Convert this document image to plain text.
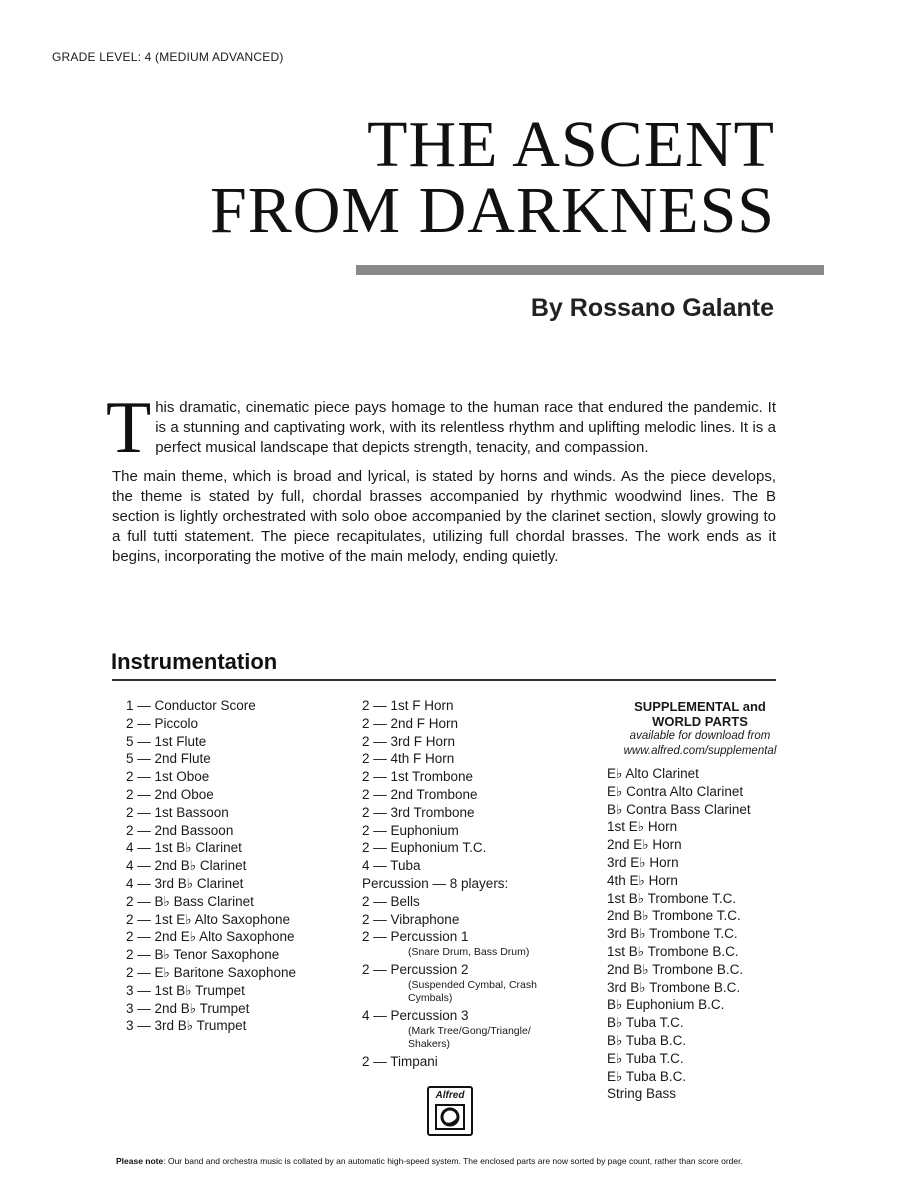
GRADE LEVEL: 4 (MEDIUM ADVANCED)
THE ASCENT
FROM DARKNESS
By Rossano Galante

This dramatic, cinematic piece pays homage to the human race that endured the pandemic. It is a stunning and captivating work, with its relentless rhythm and uplifting melodic lines. It is a perfect musical landscape that depicts strength, tenacity, and compassion.

The main theme, which is broad and lyrical, is stated by horns and winds. As the piece develops, the theme is stated by full, chordal brasses accompanied by rhythmic woodwind lines. The B section is lightly orchestrated with solo oboe accompanied by the clarinet section, slowly growing to a full tutti statement. The piece recapitulates, utilizing full chordal brasses. The work ends as it begins, incorporating the motive of the main melody, ending quietly.

Instrumentation
1 — Conductor Score
2 — Piccolo
5 — 1st Flute
5 — 2nd Flute
2 — 1st Oboe
2 — 2nd Oboe
2 — 1st Bassoon
2 — 2nd Bassoon
4 — 1st B♭ Clarinet
4 — 2nd B♭ Clarinet
4 — 3rd B♭ Clarinet
2 — B♭ Bass Clarinet
2 — 1st E♭ Alto Saxophone
2 — 2nd E♭ Alto Saxophone
2 — B♭ Tenor Saxophone
2 — E♭ Baritone Saxophone
3 — 1st B♭ Trumpet
3 — 2nd B♭ Trumpet
3 — 3rd B♭ Trumpet
2 — 1st F Horn
2 — 2nd F Horn
2 — 3rd F Horn
2 — 4th F Horn
2 — 1st Trombone
2 — 2nd Trombone
2 — 3rd Trombone
2 — Euphonium
2 — Euphonium T.C.
4 — Tuba
Percussion — 8 players:
2 — Bells
2 — Vibraphone
2 — Percussion 1
(Snare Drum, Bass Drum)
2 — Percussion 2
(Suspended Cymbal, Crash
Cymbals)
4 — Percussion 3
(Mark Tree/Gong/Triangle/
Shakers)
2 — Timpani
SUPPLEMENTAL and
WORLD PARTS
available for download from
www.alfred.com/supplemental
E♭ Alto Clarinet
E♭ Contra Alto Clarinet
B♭ Contra Bass Clarinet
1st E♭ Horn
2nd E♭ Horn
3rd E♭ Horn
4th E♭ Horn
1st B♭ Trombone T.C.
2nd B♭ Trombone T.C.
3rd B♭ Trombone T.C.
1st B♭ Trombone B.C.
2nd B♭ Trombone B.C.
3rd B♭ Trombone B.C.
B♭ Euphonium B.C.
B♭ Tuba T.C.
B♭ Tuba B.C.
E♭ Tuba T.C.
E♭ Tuba B.C.
String Bass
Alfred
Please note: Our band and orchestra music is collated by an automatic high-speed system. The enclosed parts are now sorted by page count, rather than score order.
